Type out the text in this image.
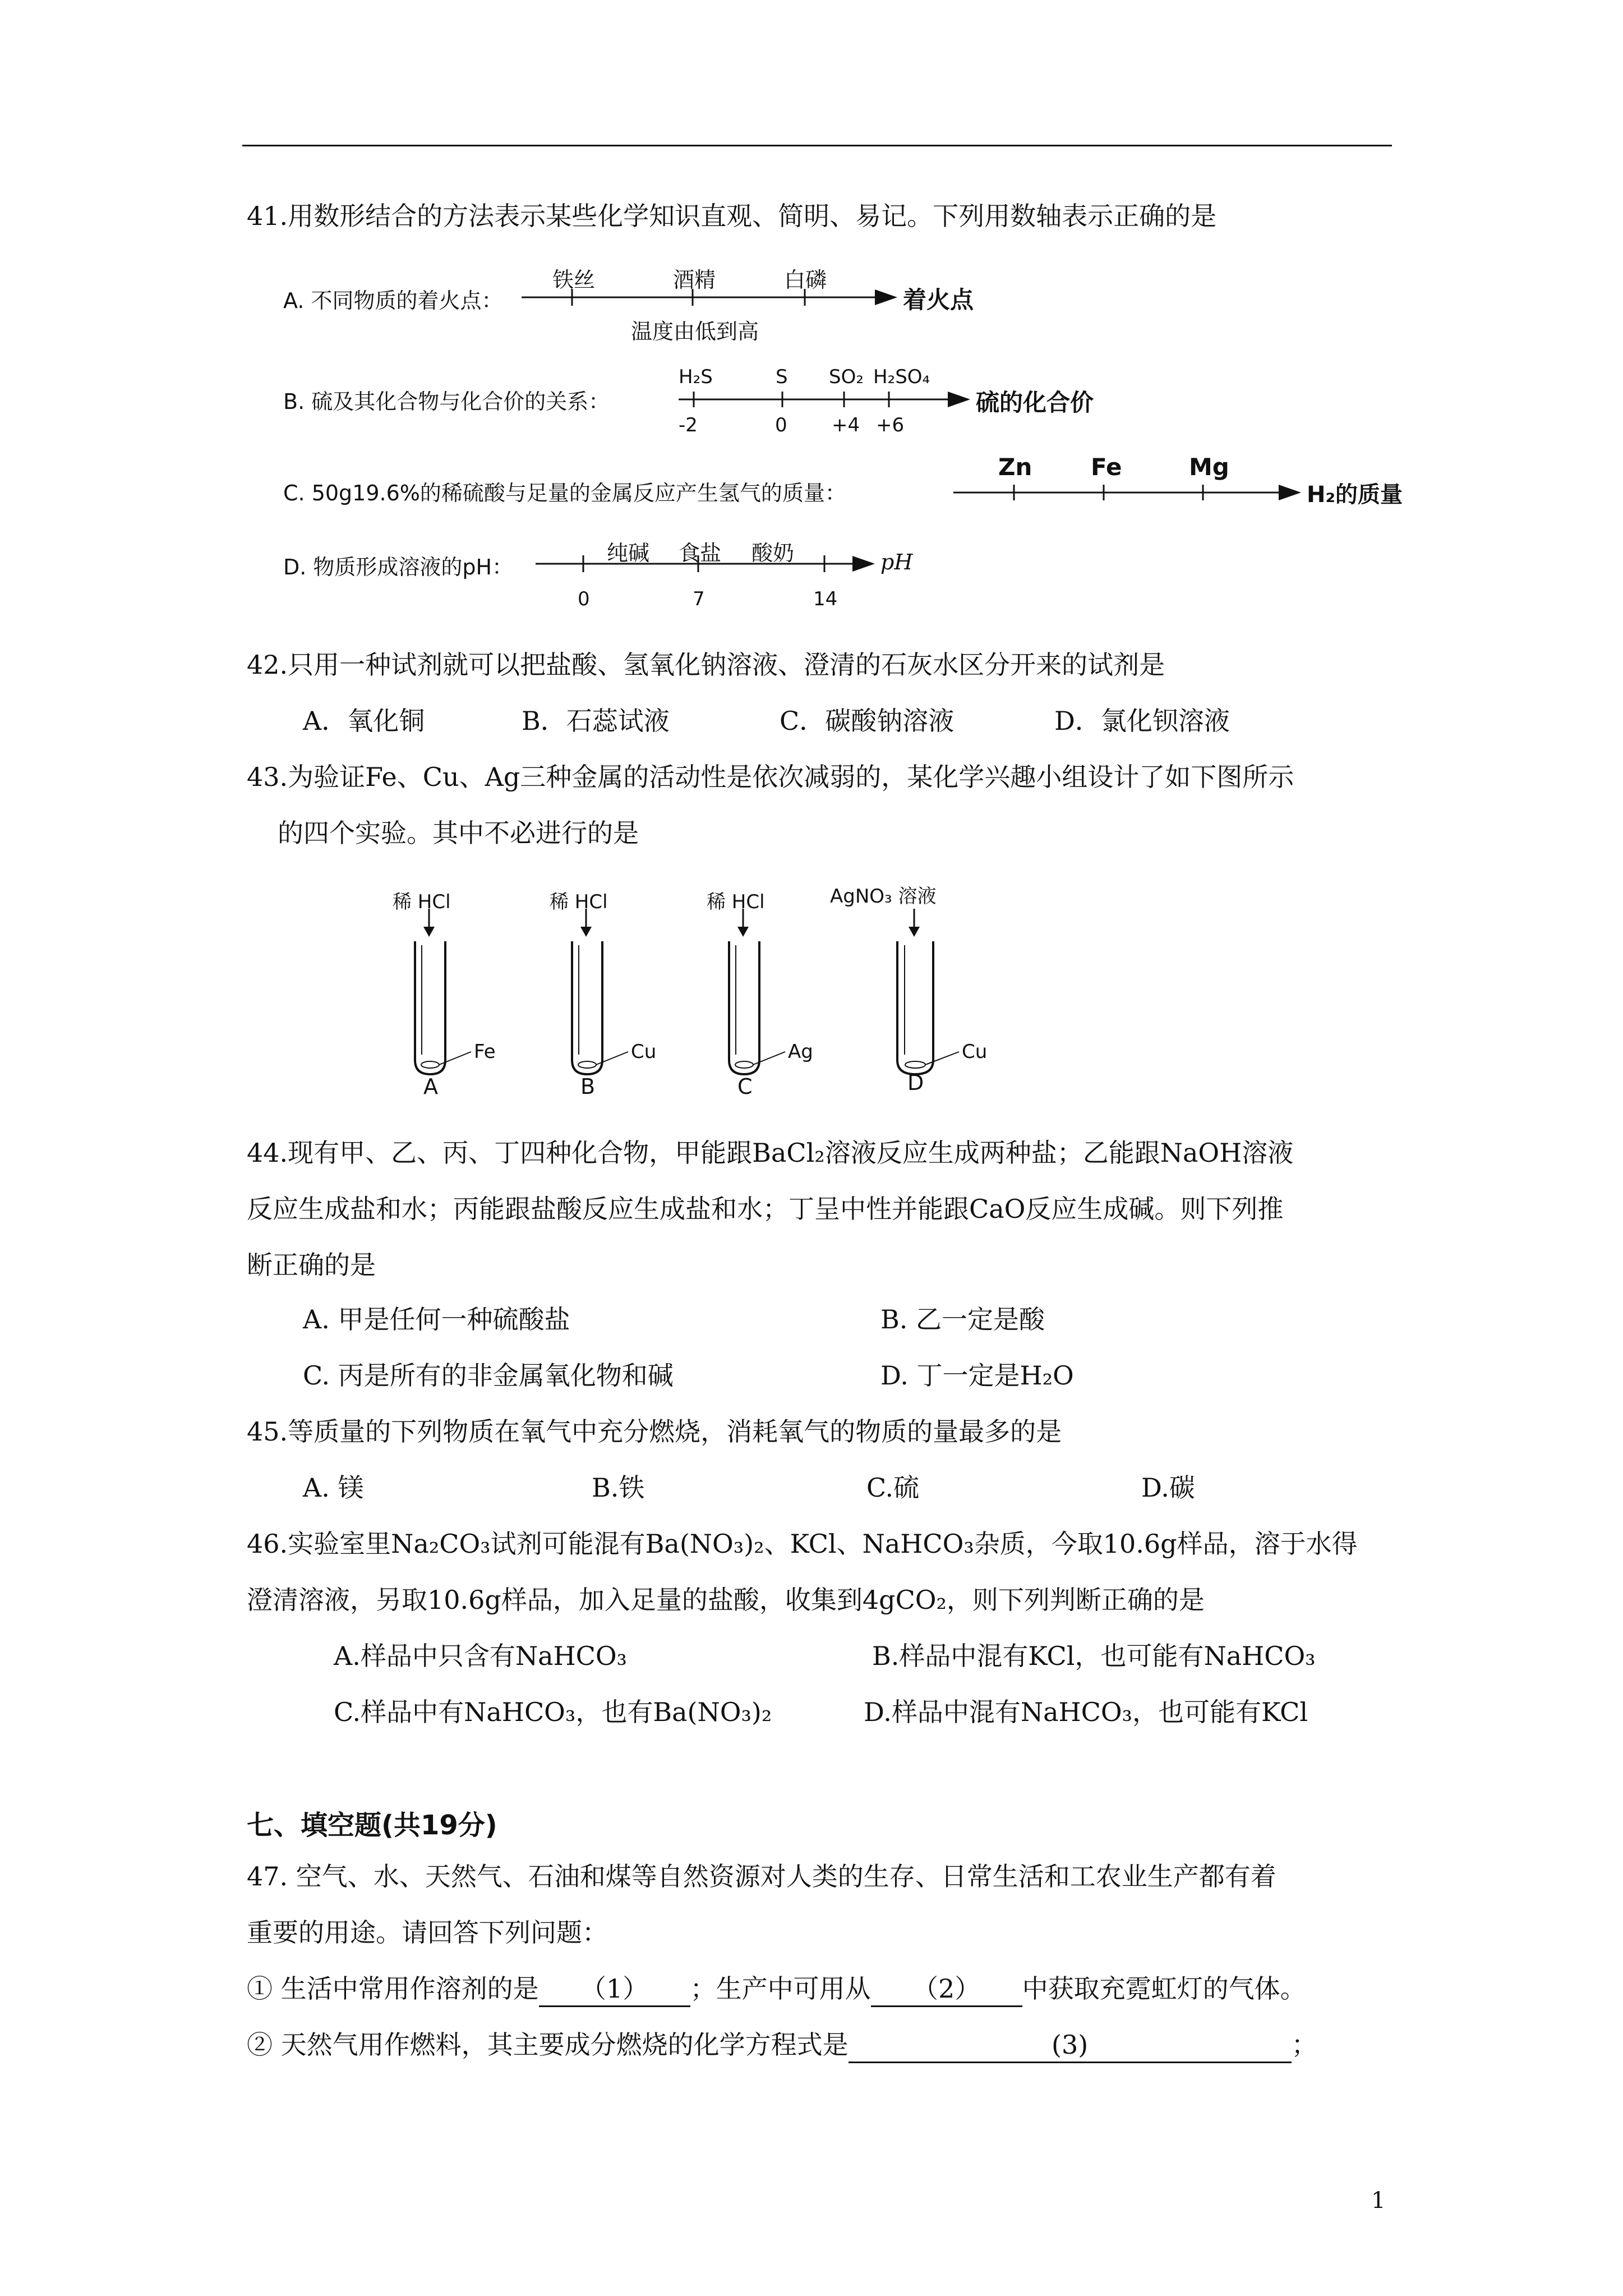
41.用数形结合的方法表示某些化学知识直观、简明、易记。下列用数轴表示正确的是
A. 不同物质的着火点：
铁丝	酒精	白磷
温度由低到高
着火点
B. 硫及其化合物与化合价的关系：
H₂S	S SO₂ H₂SO₄
-2	0 +4 +6
硫的化合价
C. 50g19.6%的稀硫酸与足量的金属反应产生氢气的质量：
Zn Fe	Mg
H₂的质量
D. 物质形成溶液的pH：
纯碱 食盐 酸奶
0	7	14
pH
42.只用一种试剂就可以把盐酸、氢氧化钠溶液、澄清的石灰水区分开来的试剂是
A．氧化铜	B．石蕊试液	C．碳酸钠溶液	D．氯化钡溶液
43.为验证Fe、Cu、Ag三种金属的活动性是依次减弱的，某化学兴趣小组设计了如下图所示
的四个实验。其中不必进行的是
稀 HCl	稀 HCl	稀 HCl	AgNO₃ 溶液
Fe	Cu	Ag	Cu
A	B	C	D
44.现有甲、乙、丙、丁四种化合物，甲能跟BaCl₂溶液反应生成两种盐；乙能跟NaOH溶液
反应生成盐和水；丙能跟盐酸反应生成盐和水；丁呈中性并能跟CaO反应生成碱。则下列推
断正确的是
A. 甲是任何一种硫酸盐	B. 乙一定是酸
C. 丙是所有的非金属氧化物和碱	D. 丁一定是H₂O
45.等质量的下列物质在氧气中充分燃烧，消耗氧气的物质的量最多的是
A. 镁	B.铁	C.硫	D.碳
46.实验室里Na₂CO₃试剂可能混有Ba(NO₃)₂、KCl、NaHCO₃杂质，今取10.6g样品，溶于水得
澄清溶液，另取10.6g样品，加入足量的盐酸，收集到4gCO₂，则下列判断正确的是
A.样品中只含有NaHCO₃	B.样品中混有KCl，也可能有NaHCO₃
C.样品中有NaHCO₃，也有Ba(NO₃)₂	D.样品中混有NaHCO₃，也可能有KCl
七、填空题(共19分)
47. 空气、水、天然气、石油和煤等自然资源对人类的生存、日常生活和工农业生产都有着
重要的用途。请回答下列问题：
① 生活中常用作溶剂的是 （1） ；生产中可用从 （2） 中获取充霓虹灯的气体。
② 天然气用作燃料，其主要成分燃烧的化学方程式是	(3)	；
1
